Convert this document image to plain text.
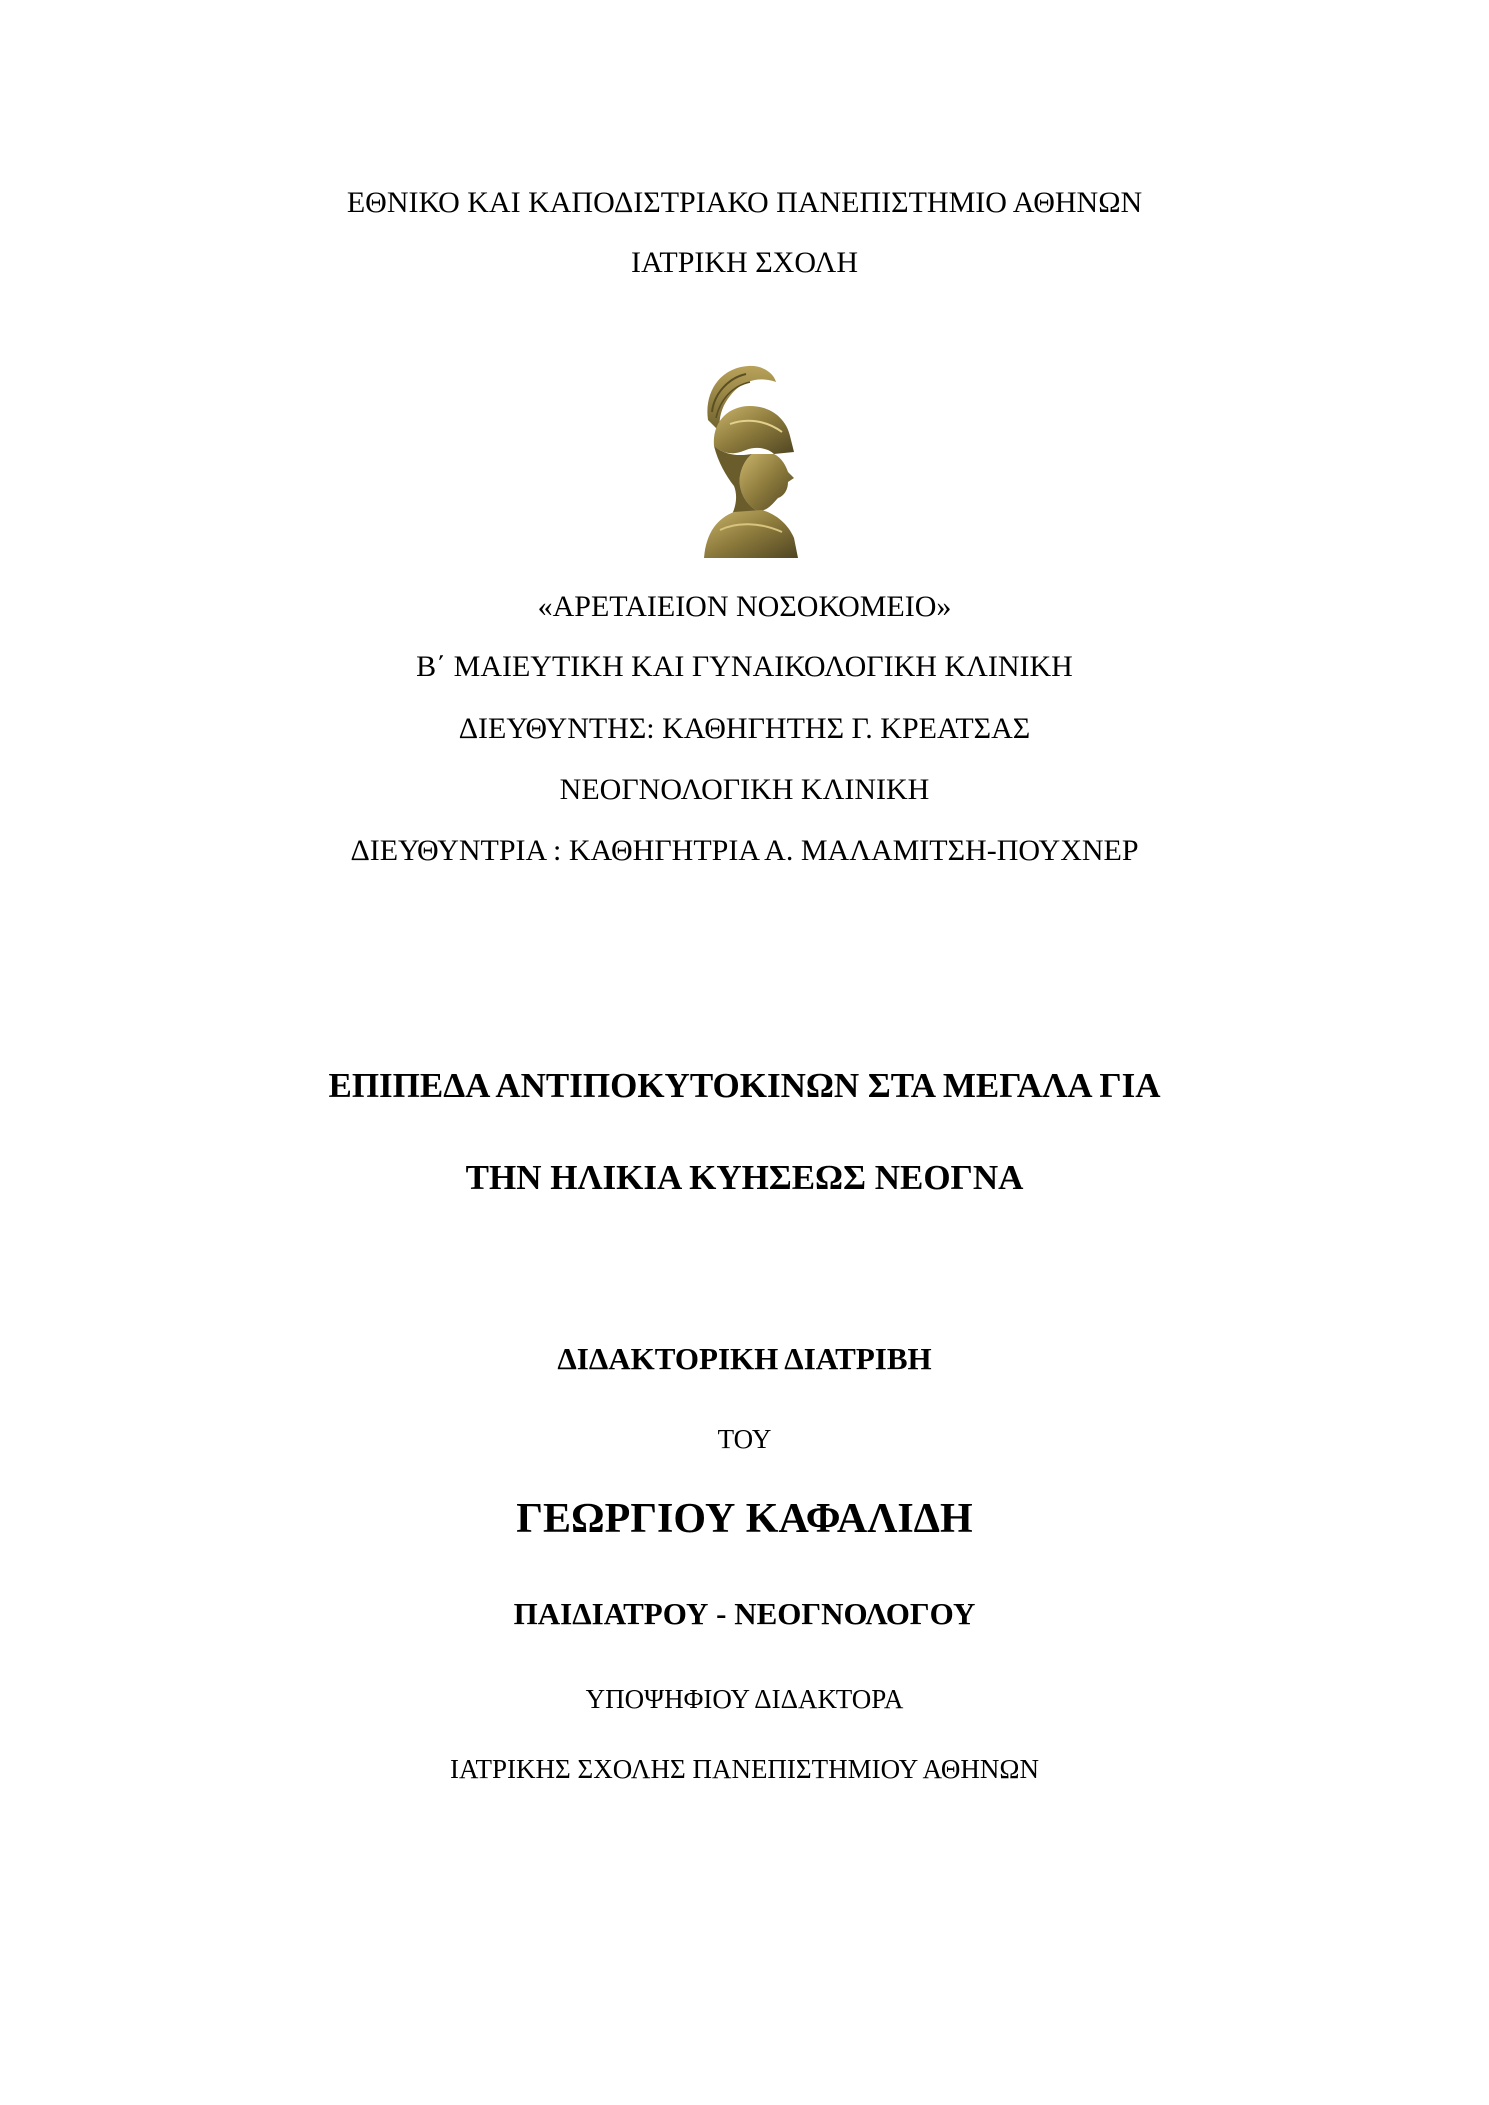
ΕΘΝΙΚΟ ΚΑΙ ΚΑΠΟΔΙΣΤΡΙΑΚΟ ΠΑΝΕΠΙΣΤΗΜΙΟ ΑΘΗΝΩΝ

ΙΑΤΡΙΚΗ ΣΧΟΛΗ

«ΑΡΕΤΑΙΕΙΟΝ ΝΟΣΟΚΟΜΕΙΟ»

Β΄ ΜΑΙΕΥΤΙΚΗ ΚΑΙ ΓΥΝΑΙΚΟΛΟΓΙΚΗ ΚΛΙΝΙΚΗ

ΔΙΕΥΘΥΝΤΗΣ: ΚΑΘΗΓΗΤΗΣ Γ. ΚΡΕΑΤΣΑΣ

ΝΕΟΓΝΟΛΟΓΙΚΗ ΚΛΙΝΙΚΗ

ΔΙΕΥΘΥΝΤΡΙΑ : ΚΑΘΗΓΗΤΡΙΑ Α. ΜΑΛΑΜΙΤΣΗ-ΠΟΥΧΝΕΡ

ΕΠΙΠΕΔΑ ΑΝΤΙΠΟΚΥΤΟΚΙΝΩΝ ΣΤΑ ΜΕΓΑΛΑ ΓΙΑ

ΤΗΝ ΗΛΙΚΙΑ ΚΥΗΣΕΩΣ ΝΕΟΓΝΑ

ΔΙΔΑΚΤΟΡΙΚΗ ΔΙΑΤΡΙΒΗ

ΤΟΥ

ΓΕΩΡΓΙΟΥ ΚΑΦΑΛΙΔΗ

ΠΑΙΔΙΑΤΡΟΥ - ΝΕΟΓΝΟΛΟΓΟΥ

ΥΠΟΨΗΦΙΟΥ ΔΙΔΑΚΤΟΡΑ

ΙΑΤΡΙΚΗΣ ΣΧΟΛΗΣ ΠΑΝΕΠΙΣΤΗΜΙΟΥ ΑΘΗΝΩΝ
